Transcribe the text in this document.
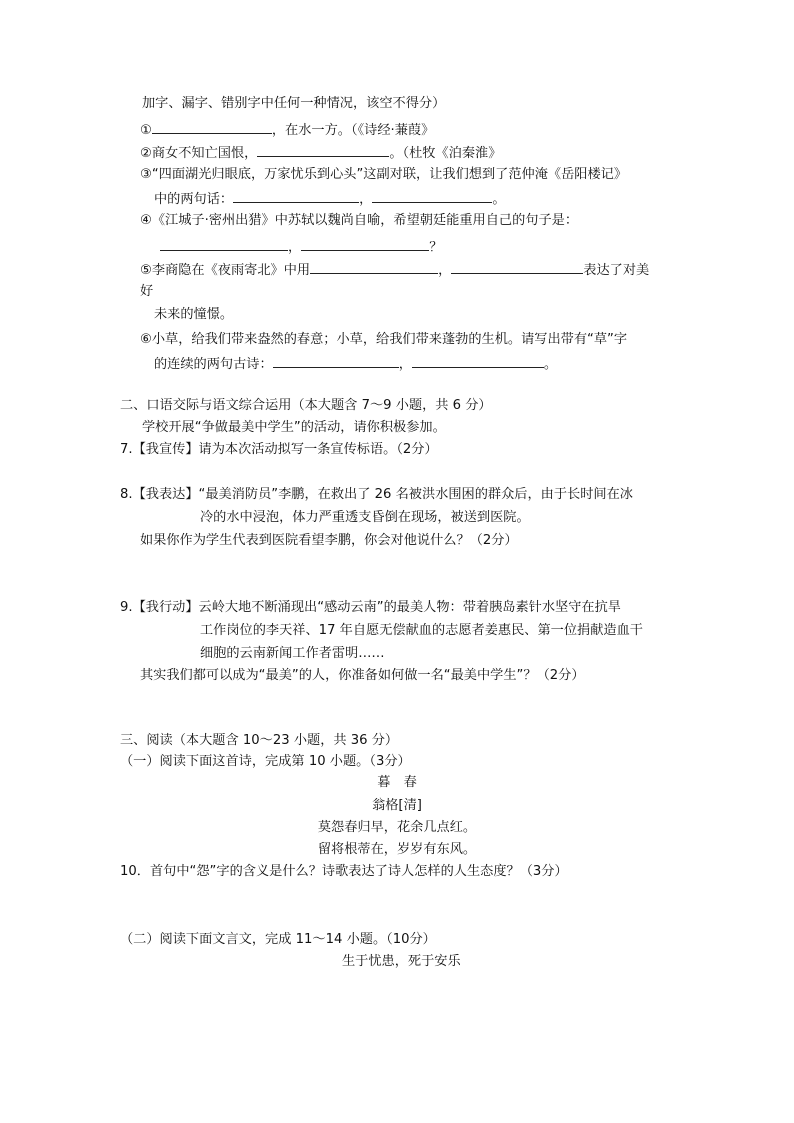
加字、漏字、错别字中任何一种情况，该空不得分）
①	，在水一方。（《诗经·蒹葭》
②商女不知亡国恨，	。（杜牧《泊秦淮》
③“四面湖光归眼底，万家忧乐到心头”这副对联，让我们想到了范仲淹《岳阳楼记》
中的两句话：	，	。
④《江城子·密州出猎》中苏轼以魏尚自喻，希望朝廷能重用自己的句子是：
，	？
⑤李商隐在《夜雨寄北》中用	，	表达了对美
好
未来的憧憬。
⑥小草，给我们带来盎然的春意；小草，给我们带来蓬勃的生机。请写出带有“草”字
的连续的两句古诗：	，	。
二、口语交际与语文综合运用（本大题含 7～9 小题，共 6 分）
学校开展“争做最美中学生”的活动，请你积极参加。
7.【我宣传】请为本次活动拟写一条宣传标语。（2分）
8.【我表达】“最美消防员”李鹏，在救出了 26 名被洪水围困的群众后，由于长时间在冰
冷的水中浸泡，体力严重透支昏倒在现场，被送到医院。
如果你作为学生代表到医院看望李鹏，你会对他说什么？（2分）
9.【我行动】云岭大地不断涌现出“感动云南”的最美人物：带着胰岛素针水坚守在抗旱
工作岗位的李天祥、17 年自愿无偿献血的志愿者姜惠民、第一位捐献造血干
细胞的云南新闻工作者雷明……
其实我们都可以成为“最美”的人，你准备如何做一名“最美中学生”？（2分）
三、阅读（本大题含 10～23 小题，共 36 分）
（一）阅读下面这首诗，完成第 10 小题。（3分）
暮　春
翁格[清]
莫怨春归早，花余几点红。
留将根蒂在，岁岁有东风。
10．首句中“怨”字的含义是什么？诗歌表达了诗人怎样的人生态度？（3分）
（二）阅读下面文言文，完成 11～14 小题。（10分）
生于忧患，死于安乐
